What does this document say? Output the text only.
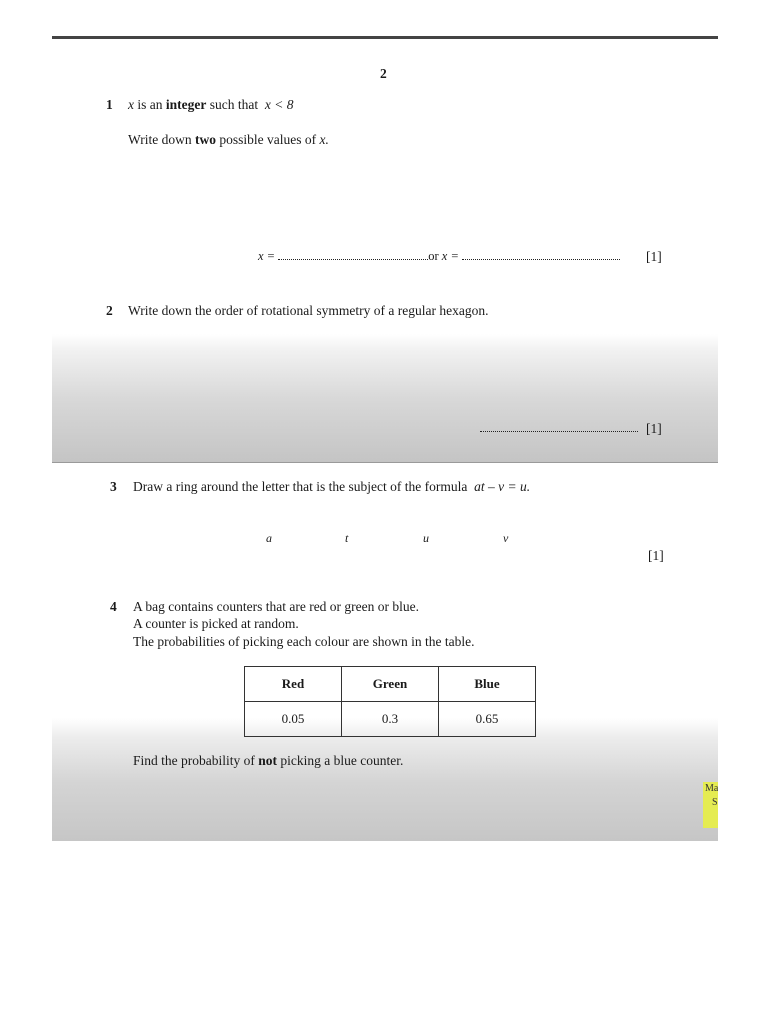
2
1 x is an integer such that  x < 8
Write down two possible values of x.
x =	or x =	[1]
2 Write down the order of rotational symmetry of a regular hexagon.
[1]
3 Draw a ring around the letter that is the subject of the formula at – v = u.
a	t	u	v
[1]
4 A bag contains counters that are red or green or blue.
A counter is picked at random.
The probabilities of picking each colour are shown in the table.
Red	Green	Blue
0.05	0.3	0.65
Find the probability of not picking a blue counter.
Ma
S
